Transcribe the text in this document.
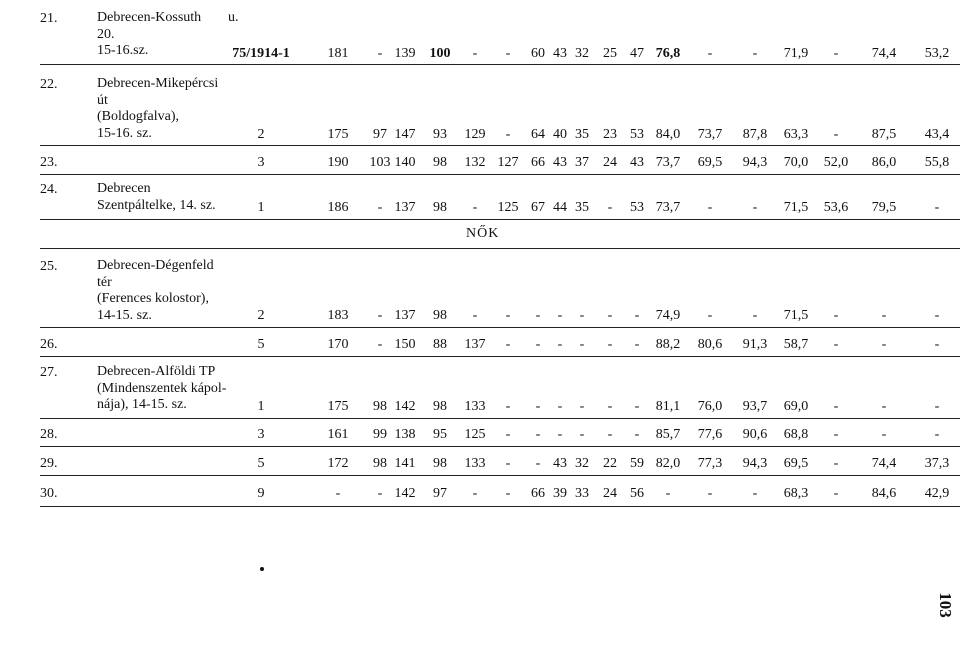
u.
NŐK
103
21.	Debrecen-Kossuth
20.
15-16.sz.	75/1914-1	181 - 139 100 - - 60 43 32 25 47 76,8 -	- 71,9 - 74,4 53,2
22.	Debrecen-Mikepércsi
út
(Boldogfalva),
15-16. sz.	2	175 97 147 93 129 - 64 40 35 23 53 84,0 73,7 87,8 63,3 - 87,5 43,4
23.	3	190 103 140 98 132 127 66 43 37 24 43 73,7 69,5 94,3 70,0 52,0 86,0 55,8
24.	Debrecen
Szentpáltelke, 14. sz.	1	186 - 137 98 - 125 67 44 35 - 53 73,7 -	- 71,5 53,6 79,5	-
25.	Debrecen-Dégenfeld
tér
(Ferences kolostor),
14-15. sz.	2	183 - 137 98 - - - - - - - 74,9 -	- 71,5 -	-	-
26.	5	170 - 150 88 137 - - - - - - 88,2 80,6 91,3 58,7 -	-	-
27.	Debrecen-Alföldi TP
(Mindenszentek kápol-
nája), 14-15. sz.	1	175 98 142 98 133 - - - - - - 81,1 76,0 93,7 69,0 -	-	-
28.	3	161 99 138 95 125 - - - - - - 85,7 77,6 90,6 68,8 -	-	-
29.	5	172 98 141 98 133 - - 43 32 22 59 82,0 77,3 94,3 69,5 - 74,4 37,3
30.	9	-	- 142 97 - - 66 39 33 24 56 -	-	- 68,3 - 84,6 42,9
